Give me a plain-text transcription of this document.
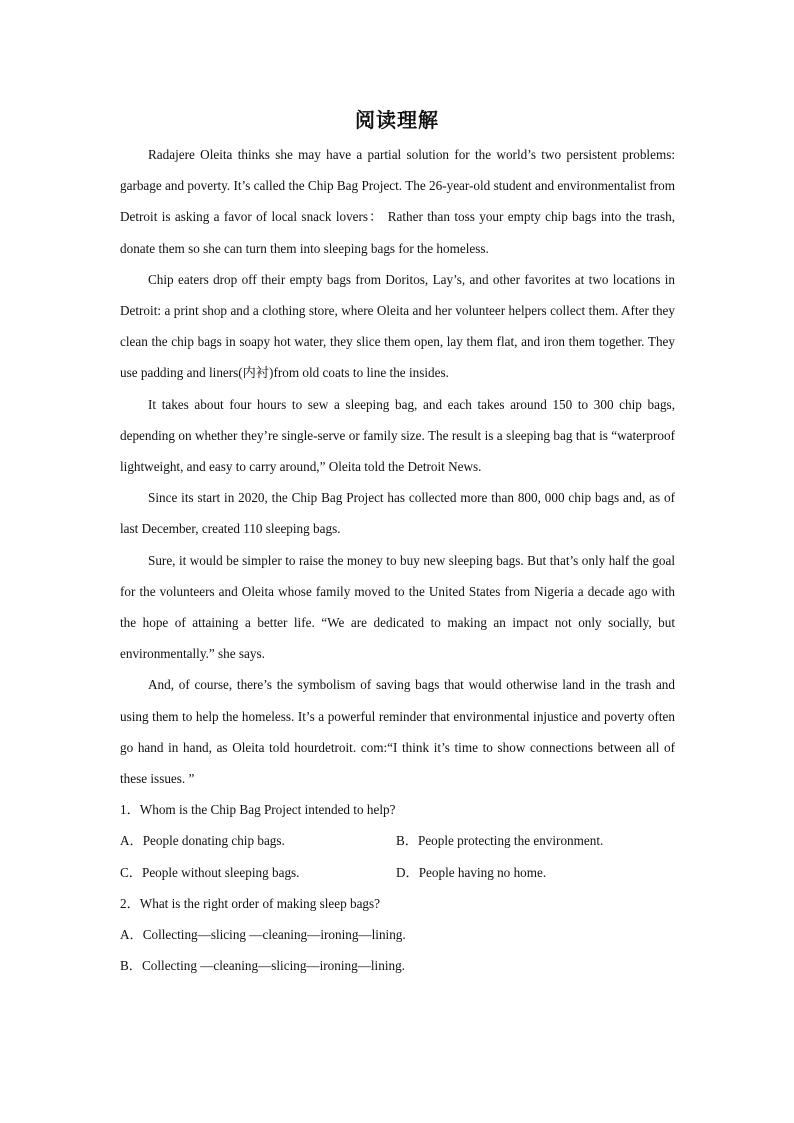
阅读理解

Radajere Oleita thinks she may have a partial solution for the world’s two persistent problems: garbage and poverty. It’s called the Chip Bag Project. The 26-year-old student and environmentalist from Detroit is asking a favor of local snack lovers： Rather than toss your empty chip bags into the trash, donate them so she can turn them into sleeping bags for the homeless.

Chip eaters drop off their empty bags from Doritos, Lay’s, and other favorites at two locations in Detroit: a print shop and a clothing store, where Oleita and her volunteer helpers collect them. After they clean the chip bags in soapy hot water, they slice them open, lay them flat, and iron them together. They use padding and liners(内衬)from old coats to line the insides.

It takes about four hours to sew a sleeping bag, and each takes around 150 to 300 chip bags, depending on whether they’re single-serve or family size. The result is a sleeping bag that is “waterproof lightweight, and easy to carry around,” Oleita told the Detroit News.

Since its start in 2020, the Chip Bag Project has collected more than 800, 000 chip bags and, as of last December, created 110 sleeping bags.

Sure, it would be simpler to raise the money to buy new sleeping bags. But that’s only half the goal for the volunteers and Oleita whose family moved to the United States from Nigeria a decade ago with the hope of attaining a better life. “We are dedicated to making an impact not only socially, but environmentally.” she says.

And, of course, there’s the symbolism of saving bags that would otherwise land in the trash and using them to help the homeless. It’s a powerful reminder that environmental injustice and poverty often go hand in hand, as Oleita told hourdetroit. com:“I think it’s time to show connections between all of these issues. ”

1．Whom is the Chip Bag Project intended to help?

A．People donating chip bags.	B．People protecting the environment.
C．People without sleeping bags.	D．People having no home.

2．What is the right order of making sleep bags?

A．Collecting—slicing —cleaning—ironing—lining.

B．Collecting —cleaning—slicing—ironing—lining.
